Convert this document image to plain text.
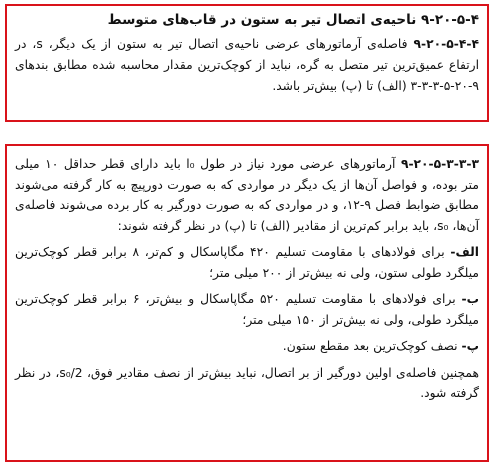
۹-۲۰-۵-۴ ناحیه‌ی اتصال تیر به ستون در قاب‌های متوسط

۹-۲۰-۵-۴-۴ فاصله‌ی آرماتورهای عرضی ناحیه‌ی اتصال تیر به ستون از یک دیگر، s، در ارتفاع عمیق‌ترین تیر متصل به گره، نباید از کوچک‌ترین مقدار محاسبه شده مطابق بندهای ۹-۲۰-۵-۳-۳-۳ (الف) تا (پ) بیش‌تر باشد.

۹-۲۰-۵-۳-۳-۳ آرماتورهای عرضی مورد نیاز در طول l₀ باید دارای قطر حداقل ۱۰ میلی متر بوده، و فواصل آن‌ها از یک دیگر در مواردی که به صورت دورپیچ به کار گرفته می‌شوند مطابق ضوابط فصل ۹-۱۲، و در مواردی که به صورت دورگیر به کار برده می‌شوند فاصله‌ی آن‌ها، s₀، باید برابر کم‌ترین از مقادیر (الف) تا (پ) در نظر گرفته شوند:

الف- برای فولادهای با مقاومت تسلیم ۴۲۰ مگاپاسکال و کم‌تر، ۸ برابر قطر کوچک‌ترین میلگرد طولی ستون، ولی نه بیش‌تر از ۲۰۰ میلی متر؛

ب- برای فولادهای با مقاومت تسلیم ۵۲۰ مگاپاسکال و بیش‌تر، ۶ برابر قطر کوچک‌ترین میلگرد طولی، ولی نه بیش‌تر از ۱۵۰ میلی متر؛

پ- نصف کوچک‌ترین بعد مقطع ستون.

همچنین فاصله‌ی اولین دورگیر از بر اتصال، نباید بیش‌تر از نصف مقادیر فوق، s₀/2، در نظر گرفته شود.
